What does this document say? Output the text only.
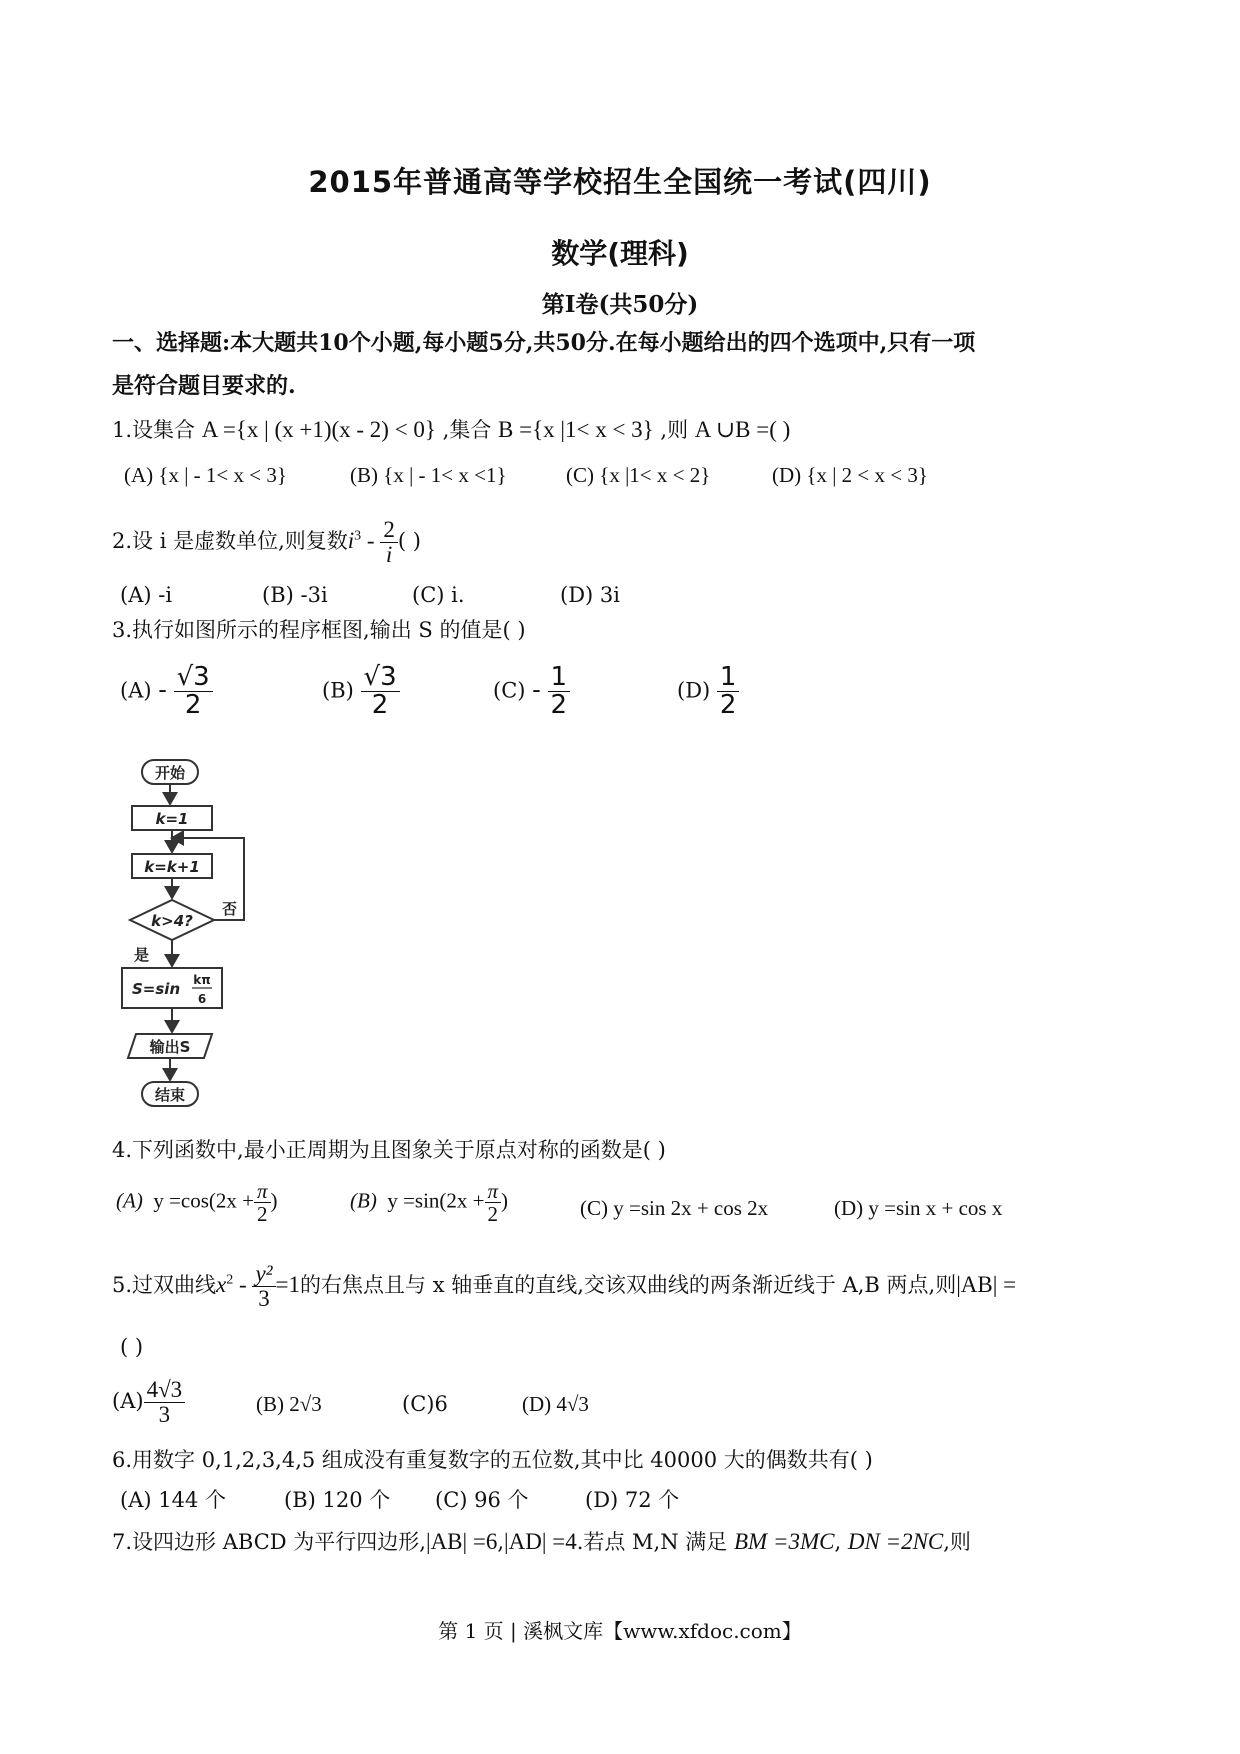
2015年普通高等学校招生全国统一考试(四川)
数学(理科)
第Ⅰ卷(共50分)
一、选择题:本大题共10个小题,每小题5分,共50分.在每小题给出的四个选项中,只有一项
是符合题目要求的.
1.设集合 A ={x | (x +1)(x - 2) < 0} ,集合 B ={x |1< x < 3} ,则 A ∪B =( )
(A) {x | - 1< x < 3}	(B) {x | - 1< x <1}	(C) {x |1< x < 2}	(D) {x | 2 < x < 3}
2.设 i 是虚数单位,则复数$i^3 - \frac{2}{i}$ ( )
(A) -i	(B) -3i	(C) i.	(D) 3i
3.执行如图所示的程序框图,输出 S 的值是( )
$(A) - \frac{√3}{2}$	$(B) \frac{√3}{2}$	$(C) - \frac{1}{2}$	$(D) \frac{1}{2}$
开始
k=1
k=k+1
k>4?
否
是
S=sin kπ
6
输出S
结束
4.下列函数中,最小正周期为且图象关于原点对称的函数是( )
(A) $y =\cos(2x + \frac{\pi}{2}$ )	(B) $y =\sin(2x + \frac{\pi}{2}$ )	(C) y =sin 2x + cos 2x	(D) y =sin x + cos x
5.过双曲线$x^2 - \frac{\text{y²}}{3} =1$的右焦点且与 x 轴垂直的直线,交该双曲线的两条渐近线于 A,B 两点,则|AB| =
( )
$(A) \frac{4√3}{3}$	(B) 2√3	(C)6	(D) 4√3
6.用数字 0,1,2,3,4,5 组成没有重复数字的五位数,其中比 40000 大的偶数共有( )
(A) 144 个	(B) 120 个 (C) 96 个	(D) 72 个
7.设四边形 ABCD 为平行四边形,|AB| =6,|AD| =4.若点 M,N 满足 BM =3MC, DN =2NC,则
第 1 页 | 溪枫文库【www.xfdoc.com】
